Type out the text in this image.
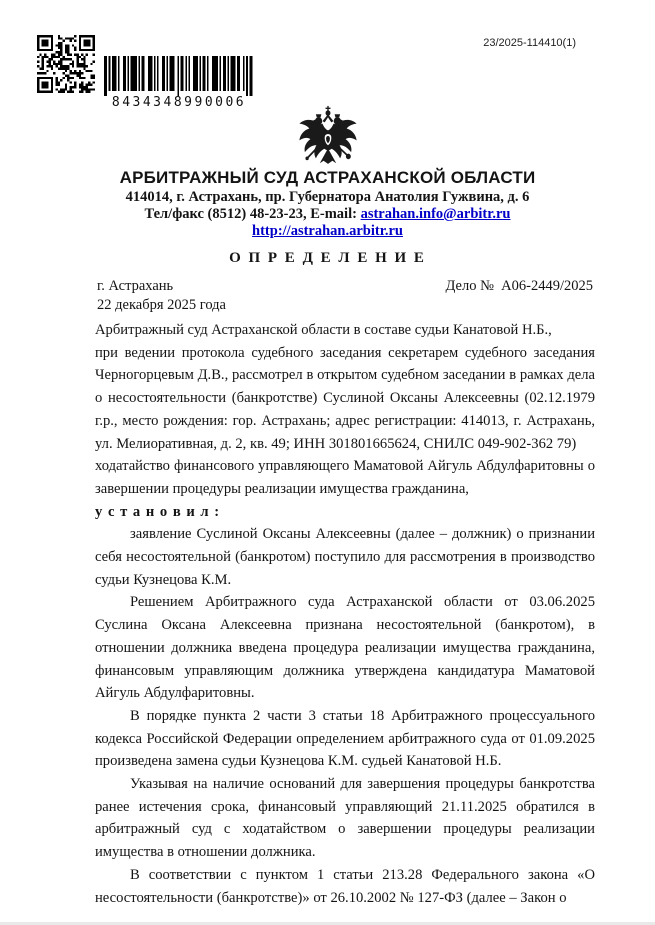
8434348990006
23/2025-114410(1)
АРБИТРАЖНЫЙ СУД АСТРАХАНСКОЙ ОБЛАСТИ
414014, г. Астрахань, пр. Губернатора Анатолия Гужвина, д. 6
Тел/факс (8512) 48-23-23, E-mail: astrahan.info@arbitr.ru
http://astrahan.arbitr.ru
О П Р Е Д Е Л Е Н И Е
г. Астрахань	Дело №  А06-2449/2025
22 декабря 2025 года

Арбитражный суд Астраханской области в составе судьи Канатовой Н.Б.,

при ведении протокола судебного заседания секретарем судебного заседания Черногорцевым Д.В., рассмотрел в открытом судебном заседании в рамках дела о несостоятельности (банкротстве) Суслиной Оксаны Алексеевны (02.12.1979 г.р., место рождения: гор. Астрахань; адрес регистрации: 414013, г. Астрахань, ул. Мелиоративная, д. 2, кв. 49; ИНН 301801665624, СНИЛС 049-902-362 79)

ходатайство финансового управляющего Маматовой Айгуль Абдулфаритовны о завершении процедуры реализации имущества гражданина,

у с т а н о в и л :

заявление Суслиной Оксаны Алексеевны (далее – должник) о признании себя несостоятельной (банкротом) поступило для рассмотрения в производство судьи Кузнецова К.М.

Решением Арбитражного суда Астраханской области от 03.06.2025 Суслина Оксана Алексеевна признана несостоятельной (банкротом), в отношении должника введена процедура реализации имущества гражданина, финансовым управляющим должника утверждена кандидатура Маматовой Айгуль Абдулфаритовны.

В порядке пункта 2 части 3 статьи 18 Арбитражного процессуального кодекса Российской Федерации определением арбитражного суда от 01.09.2025 произведена замена судьи Кузнецова К.М. судьей Канатовой Н.Б.

Указывая на наличие оснований для завершения процедуры банкротства ранее истечения срока, финансовый управляющий 21.11.2025 обратился в арбитражный суд с ходатайством о завершении процедуры реализации имущества в отношении должника.

В соответствии с пунктом 1 статьи 213.28 Федерального закона «О несостоятельности (банкротстве)» от 26.10.2002 № 127-ФЗ (далее – Закон о
